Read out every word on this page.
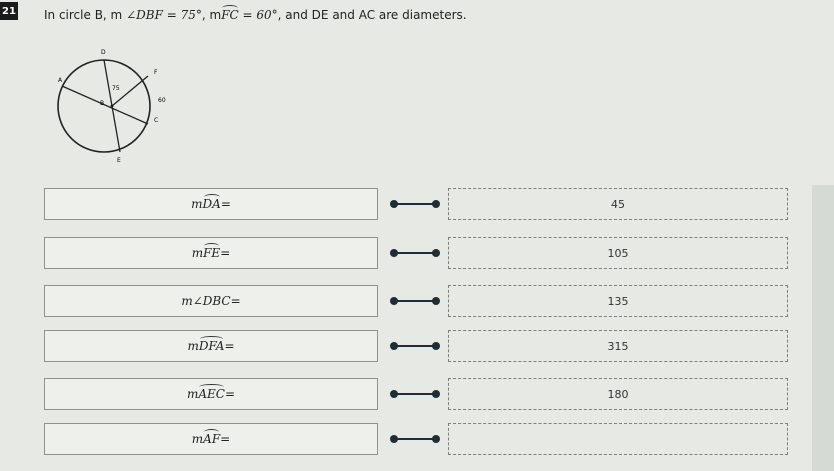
21 In circle B, m ∠DBF = 75°, mFC = 60°, and DE and AC are diameters.
D
F
A
B
C
E
75
60
m DA =	45
m FE =	105
m∠DBC =	135
m DFA =	315
m AEC =	180
m AF =
